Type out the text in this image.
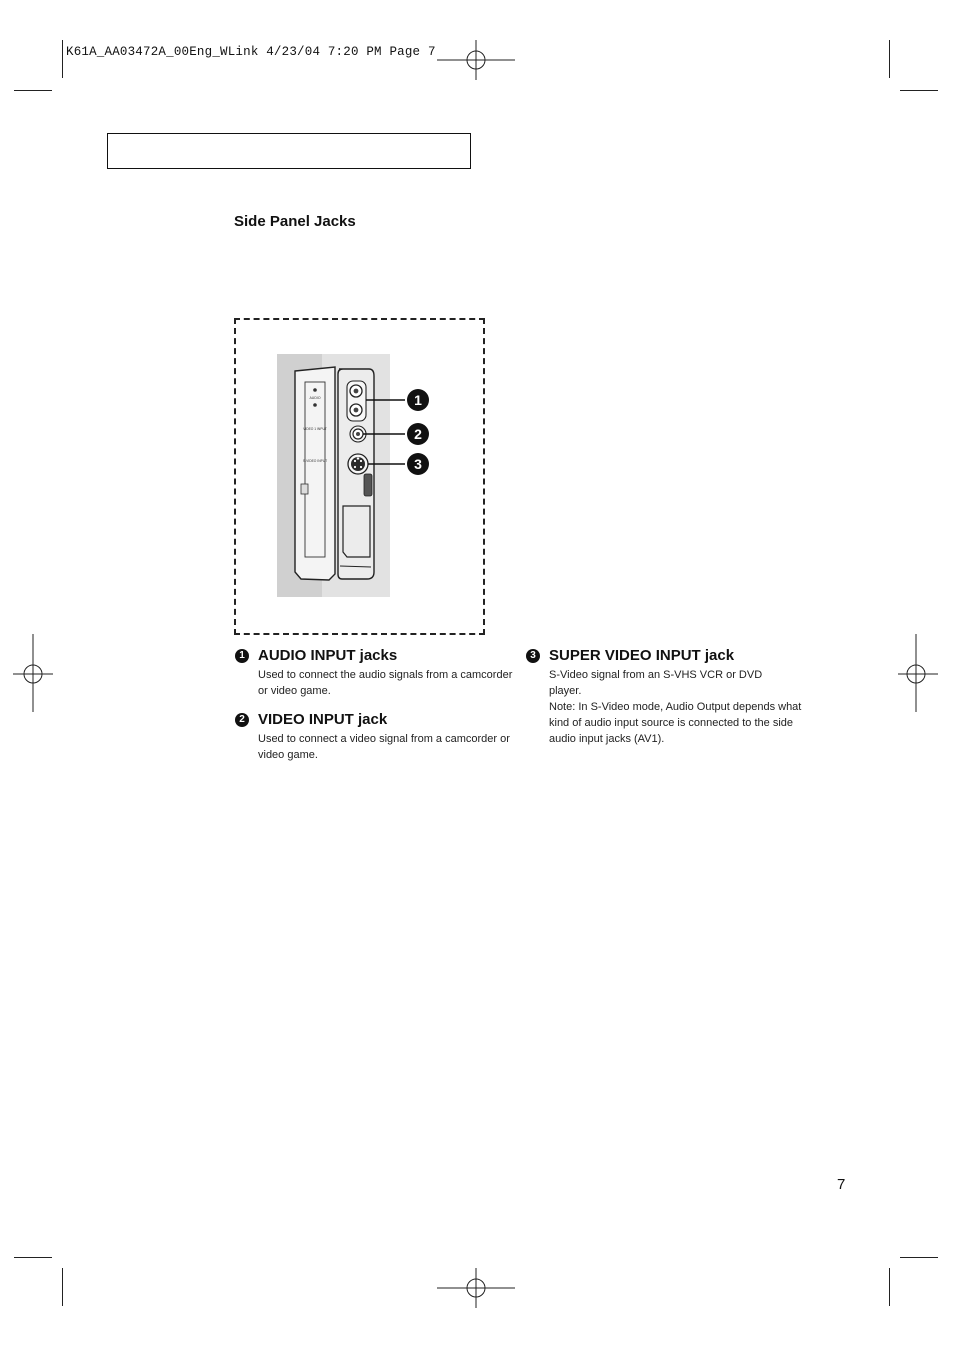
K61A_AA03472A_00Eng_WLink 4/23/04 7:20 PM Page 7
Side Panel Jacks
AUDIO
VIDEO 1 INPUT
S-VIDEO INPUT
1
2
3
1 AUDIO INPUT jacks
Used to connect the audio signals from a camcorder
or video game.
2 VIDEO INPUT jack
Used to connect a video signal from a camcorder or
video game.
3 SUPER VIDEO INPUT jack
S-Video signal from an S-VHS VCR or DVD
player.
Note: In S-Video mode, Audio Output depends what
kind of audio input source is connected to the side
audio input jacks (AV1).
7
